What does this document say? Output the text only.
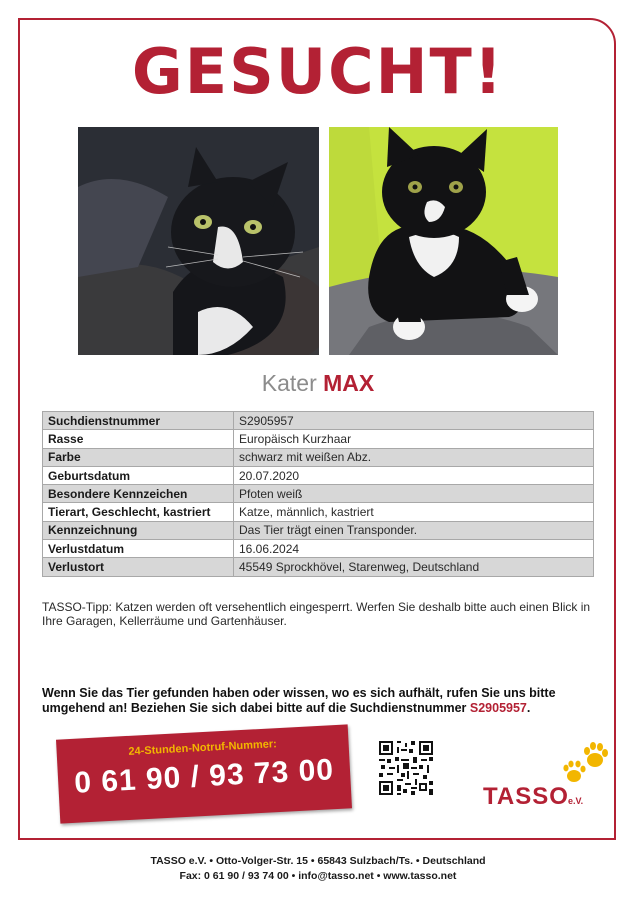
GESUCHT!
Kater MAX
Suchdienstnummer	S2905957
Rasse	Europäisch Kurzhaar
Farbe	schwarz mit weißen Abz.
Geburtsdatum	20.07.2020
Besondere Kennzeichen	Pfoten weiß
Tierart, Geschlecht, kastriert	Katze, männlich, kastriert
Kennzeichnung	Das Tier trägt einen Transponder.
Verlustdatum	16.06.2024
Verlustort	45549 Sprockhövel, Starenweg, Deutschland
TASSO-Tipp: Katzen werden oft versehentlich eingesperrt. Werfen Sie deshalb bitte auch einen Blick in Ihre Garagen, Kellerräume und Gartenhäuser.
Wenn Sie das Tier gefunden haben oder wissen, wo es sich aufhält, rufen Sie uns bitte umgehend an! Beziehen Sie sich dabei bitte auf die Suchdienstnummer S2905957.
24-Stunden-Notruf-Nummer:
0 61 90 / 93 73 00	TASSO e.V.
TASSO e.V. • Otto-Volger-Str. 15 • 65843 Sulzbach/Ts. • Deutschland
Fax: 0 61 90 / 93 74 00 • info@tasso.net • www.tasso.net
